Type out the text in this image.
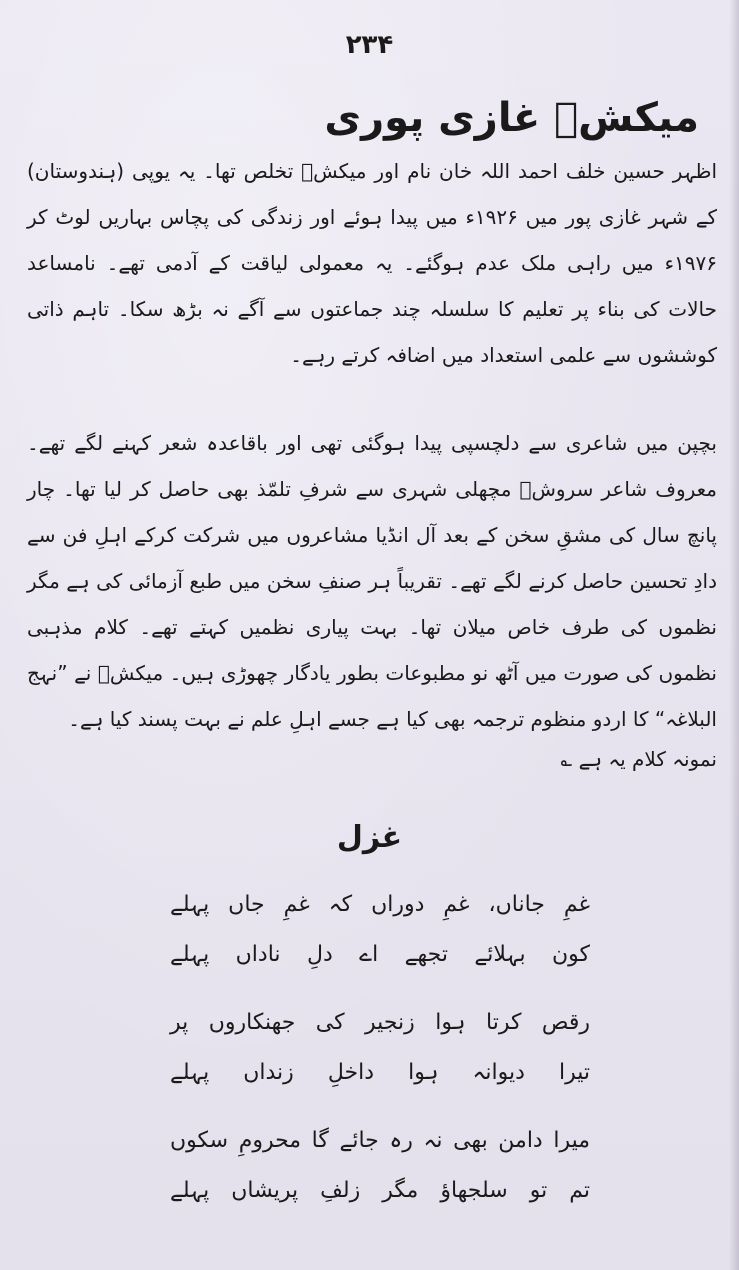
۲۳۴
میکشؔ غازی پوری

اظہر حسین خلف احمد اللہ خان نام اور میکشؔ تخلص تھا۔ یہ یوپی (ہندوستان) کے شہر غازی پور میں ۱۹۲۶ء میں پیدا ہوئے اور زندگی کی پچاس بہاریں لوٹ کر ۱۹۷۶ء میں راہی ملک عدم ہوگئے۔ یہ معمولی لیاقت کے آدمی تھے۔ نامساعد حالات کی بناء پر تعلیم کا سلسلہ چند جماعتوں سے آگے نہ بڑھ سکا۔ تاہم ذاتی کوششوں سے علمی استعداد میں اضافہ کرتے رہے۔

بچپن میں شاعری سے دلچسپی پیدا ہوگئی تھی اور باقاعدہ شعر کہنے لگے تھے۔ معروف شاعر سروشؔ مچھلی شہری سے شرفِ تلمّذ بھی حاصل کر لیا تھا۔ چار پانچ سال کی مشقِ سخن کے بعد آل انڈیا مشاعروں میں شرکت کرکے اہلِ فن سے دادِ تحسین حاصل کرنے لگے تھے۔ تقریباً ہر صنفِ سخن میں طبع آزمائی کی ہے مگر نظموں کی طرف خاص میلان تھا۔ بہت پیاری نظمیں کہتے تھے۔ کلام مذہبی نظموں کی صورت میں آٹھ نو مطبوعات بطور یادگار چھوڑی ہیں۔ میکشؔ نے ”نہج البلاغہ“ کا اردو منظوم ترجمہ بھی کیا ہے جسے اہلِ علم نے بہت پسند کیا ہے۔

نمونہ کلام یہ ہے ؎
غزل
غمِ جاناں، غمِ دوراں کہ غمِ جاں پہلے
کون بہلائے تجھے اے دلِ ناداں پہلے
رقص کرتا ہوا زنجیر کی جھنکاروں پر
تیرا دیوانہ ہوا داخلِ زنداں پہلے
میرا دامن بھی نہ رہ جائے گا محرومِ سکوں
تم تو سلجھاؤ مگر زلفِ پریشاں پہلے
